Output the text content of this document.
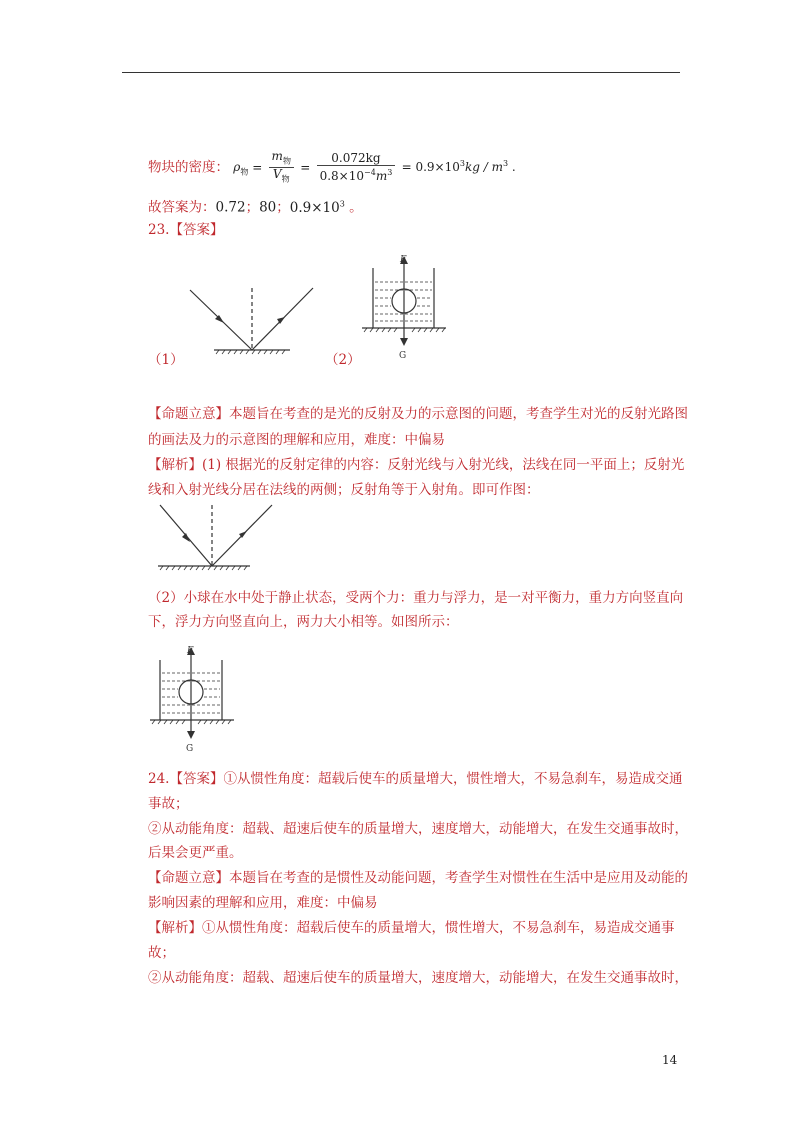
物块的密度： $\rho_物 = \frac{m_物}{V_物} = \frac{0.072kg}{0.8\times 10^{-4}m^3} = 0.9\times 10^3kg / m^3$ .
故答案为：0.72；80；$0.9\times 10^3$ 。
23.【答案】
（1）	（2）
F
G
【命题立意】本题旨在考查的是光的反射及力的示意图的问题，考查学生对光的反射光路图
的画法及力的示意图的理解和应用，难度：中偏易
【解析】(1) 根据光的反射定律的内容：反射光线与入射光线，法线在同一平面上；反射光
线和入射光线分居在法线的两侧；反射角等于入射角。即可作图：
（2）小球在水中处于静止状态，受两个力：重力与浮力，是一对平衡力，重力方向竖直向
下，浮力方向竖直向上，两力大小相等。如图所示：
F
G
24.【答案】①从惯性角度：超载后使车的质量增大，惯性增大，不易急刹车，易造成交通
事故；
②从动能角度：超载、超速后使车的质量增大，速度增大，动能增大，在发生交通事故时，
后果会更严重。
【命题立意】本题旨在考查的是惯性及动能问题，考查学生对惯性在生活中是应用及动能的
影响因素的理解和应用，难度：中偏易
【解析】①从惯性角度：超载后使车的质量增大，惯性增大，不易急刹车，易造成交通事
故；
②从动能角度：超载、超速后使车的质量增大，速度增大，动能增大，在发生交通事故时，
14
